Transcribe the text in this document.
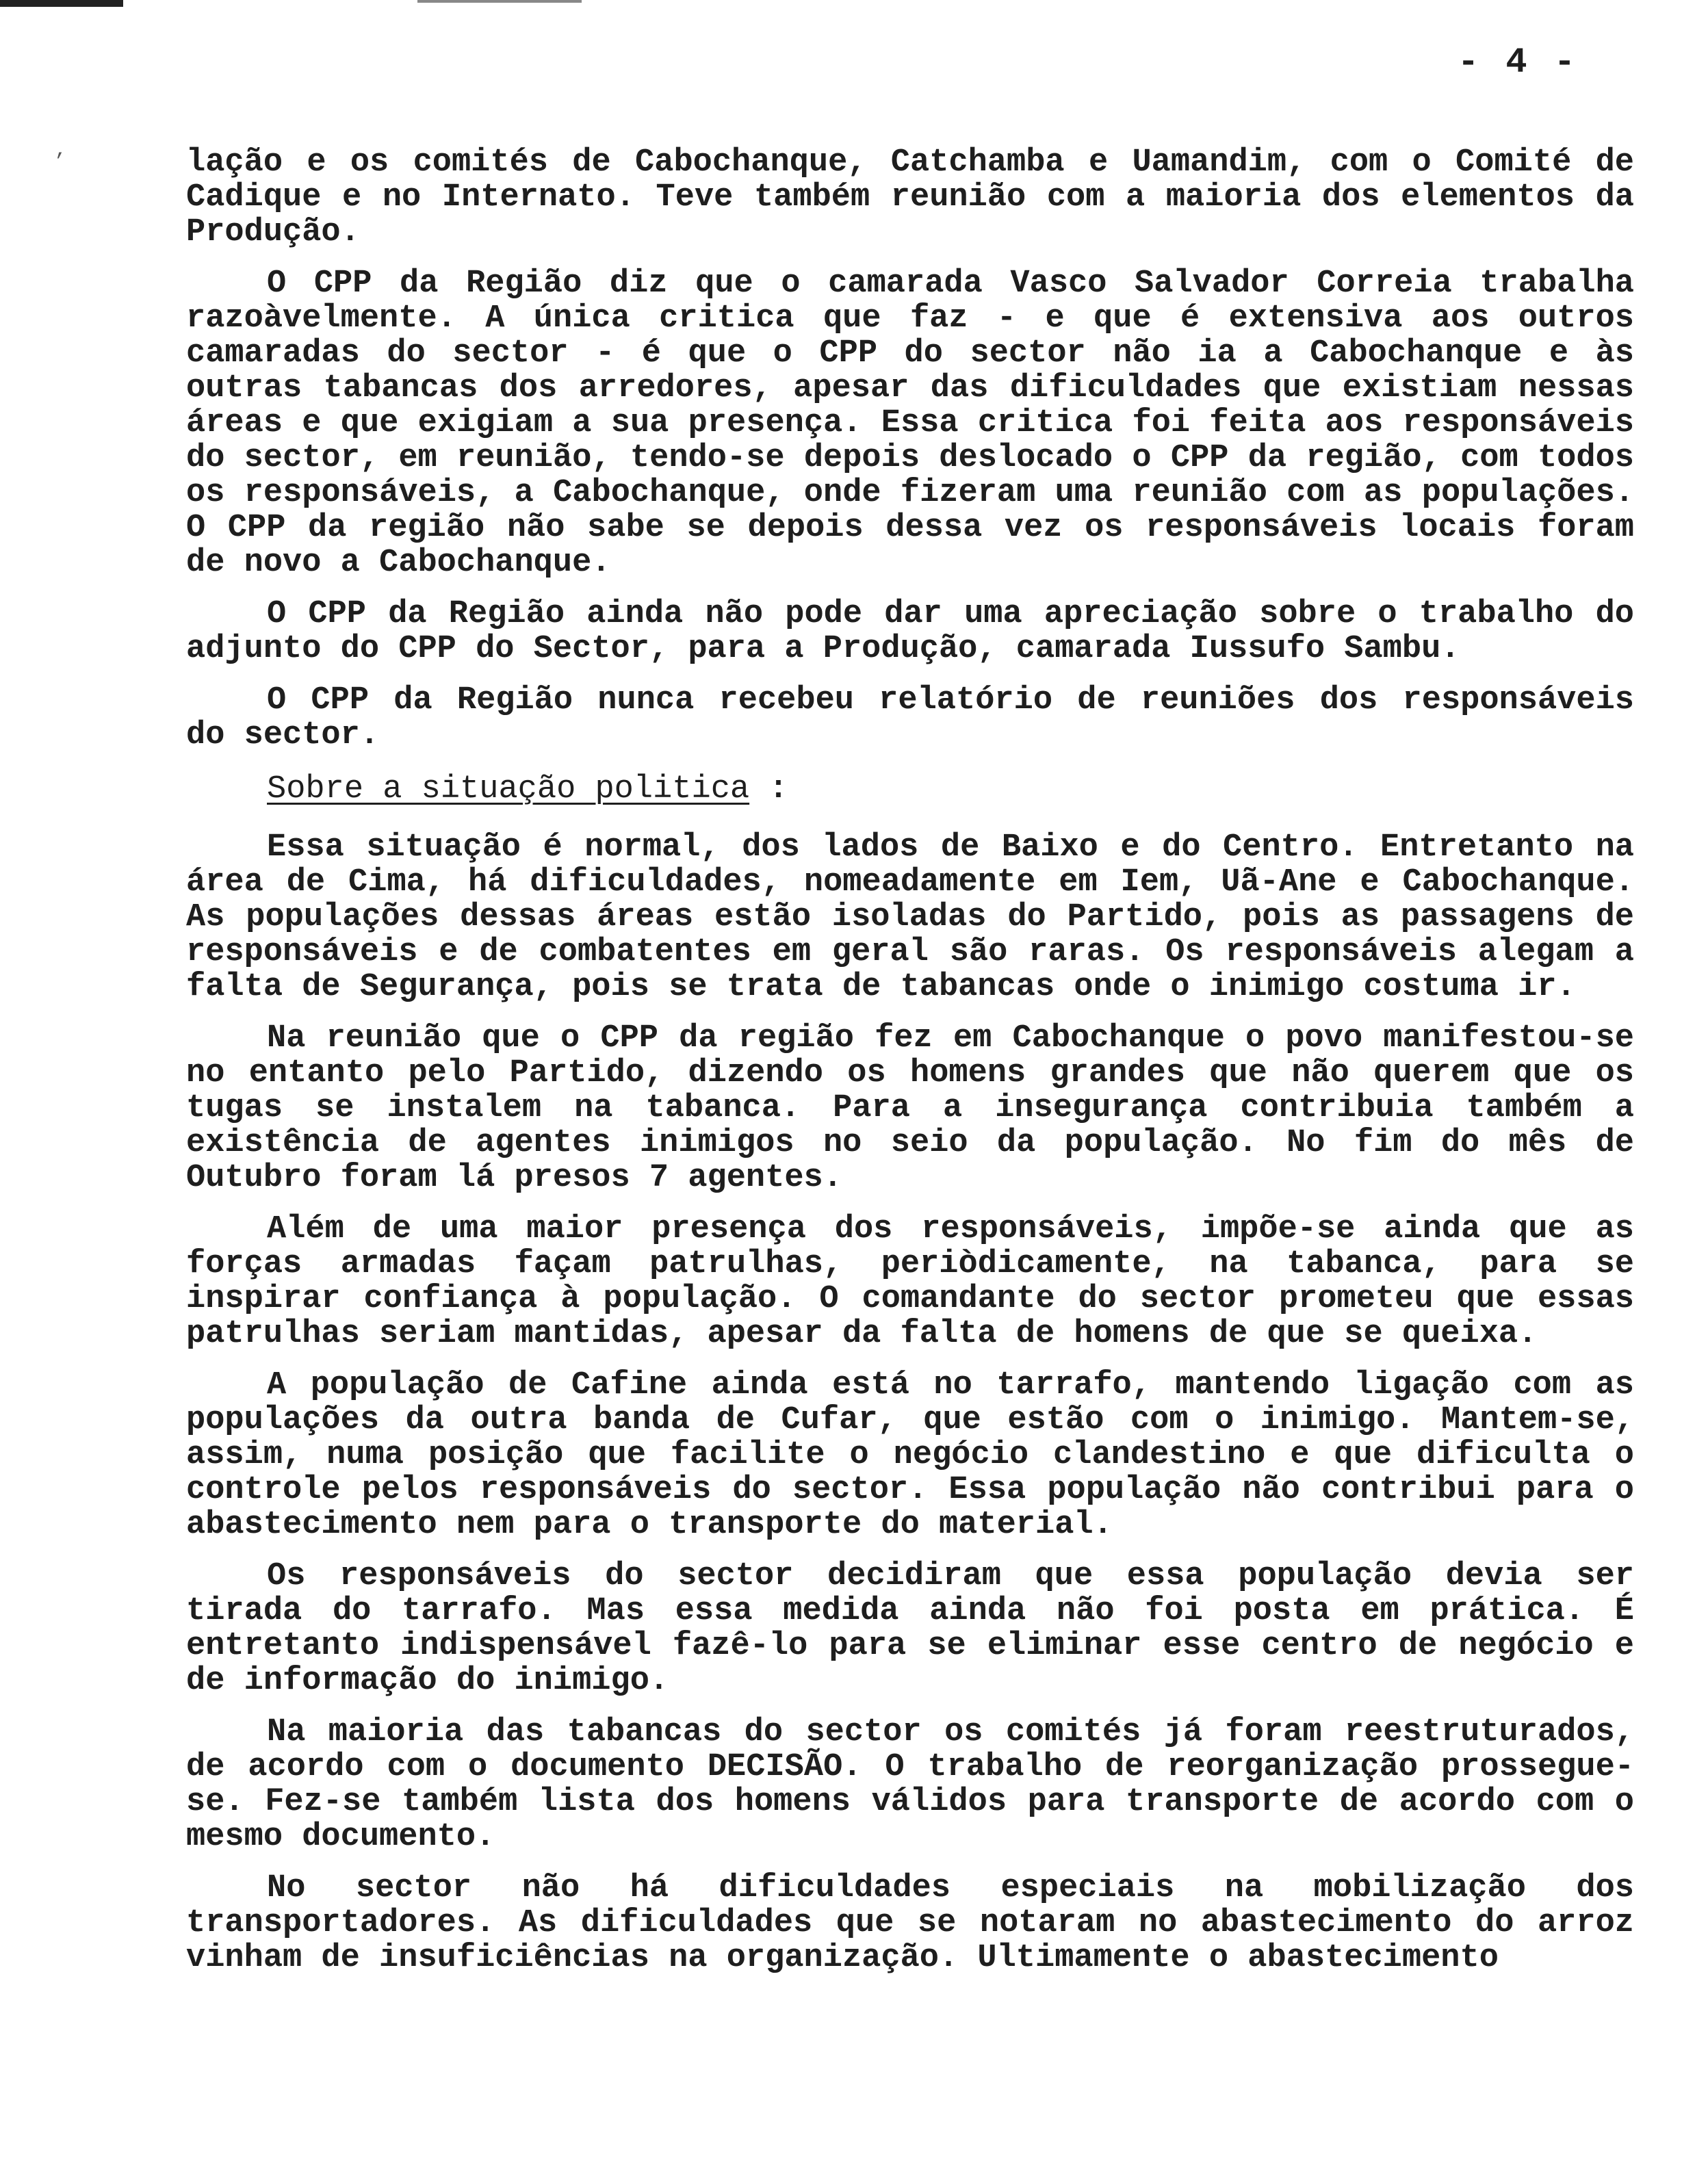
- 4 -
’	lação e os comités de Cabochanque, Catchamba e Uamandim, com o Comité de Cadique e no Internato. Teve também reunião com a maioria dos elementos da Produção.

O CPP da Região diz que o camarada Vasco Salvador Correia trabalha razoàvelmente. A única critica que faz - e que é extensiva aos outros camaradas do sector - é que o CPP do sector não ia a Cabochanque e às outras tabancas dos arredores, apesar das dificuldades que existiam nessas áreas e que exigiam a sua presença. Essa critica foi feita aos responsáveis do sector, em reunião, tendo-se depois deslocado o CPP da região, com todos os responsáveis, a Cabochanque, onde fizeram uma reunião com as populações. O CPP da região não sabe se depois dessa vez os responsáveis locais foram de novo a Cabochanque.

O CPP da Região ainda não pode dar uma apreciação sobre o trabalho do adjunto do CPP do Sector, para a Produção, camarada Iussufo Sambu.

O CPP da Região nunca recebeu relatório de reuniões dos responsáveis do sector.

Sobre a situação politica :

Essa situação é normal, dos lados de Baixo e do Centro. Entretanto na área de Cima, há dificuldades, nomeadamente em Iem, Uã-Ane e Cabochanque. As populações dessas áreas estão isoladas do Partido, pois as passagens de responsáveis e de combatentes em geral são raras. Os responsáveis alegam a falta de Segurança, pois se trata de tabancas onde o inimigo costuma ir.

Na reunião que o CPP da região fez em Cabochanque o povo manifestou-se no entanto pelo Partido, dizendo os homens grandes que não querem que os tugas se instalem na tabanca. Para a insegurança contribuia também a existência de agentes inimigos no seio da população. No fim do mês de Outubro foram lá presos 7 agentes.

Além de uma maior presença dos responsáveis, impõe-se ainda que as forças armadas façam patrulhas, periòdicamente, na tabanca, para se inspirar confiança à população. O comandante do sector prometeu que essas patrulhas seriam mantidas, apesar da falta de homens de que se queixa.

A população de Cafine ainda está no tarrafo, mantendo ligação com as populações da outra banda de Cufar, que estão com o inimigo. Mantem-se, assim, numa posição que facilite o negócio clandestino e que dificulta o controle pelos responsáveis do sector. Essa população não contribui para o abastecimento nem para o transporte do material.

Os responsáveis do sector decidiram que essa população devia ser tirada do tarrafo. Mas essa medida ainda não foi posta em prática. É entretanto indispensável fazê-lo para se eliminar esse centro de negócio e de informação do inimigo.

Na maioria das tabancas do sector os comités já foram reestruturados, de acordo com o documento DECISÃO. O trabalho de reorganização prossegue-se. Fez-se também lista dos homens válidos para transporte de acordo com o mesmo documento.

No sector não há dificuldades especiais na mobilização dos transportadores. As dificuldades que se notaram no abastecimento do arroz vinham de insuficiências na organização. Ultimamente o abastecimento
